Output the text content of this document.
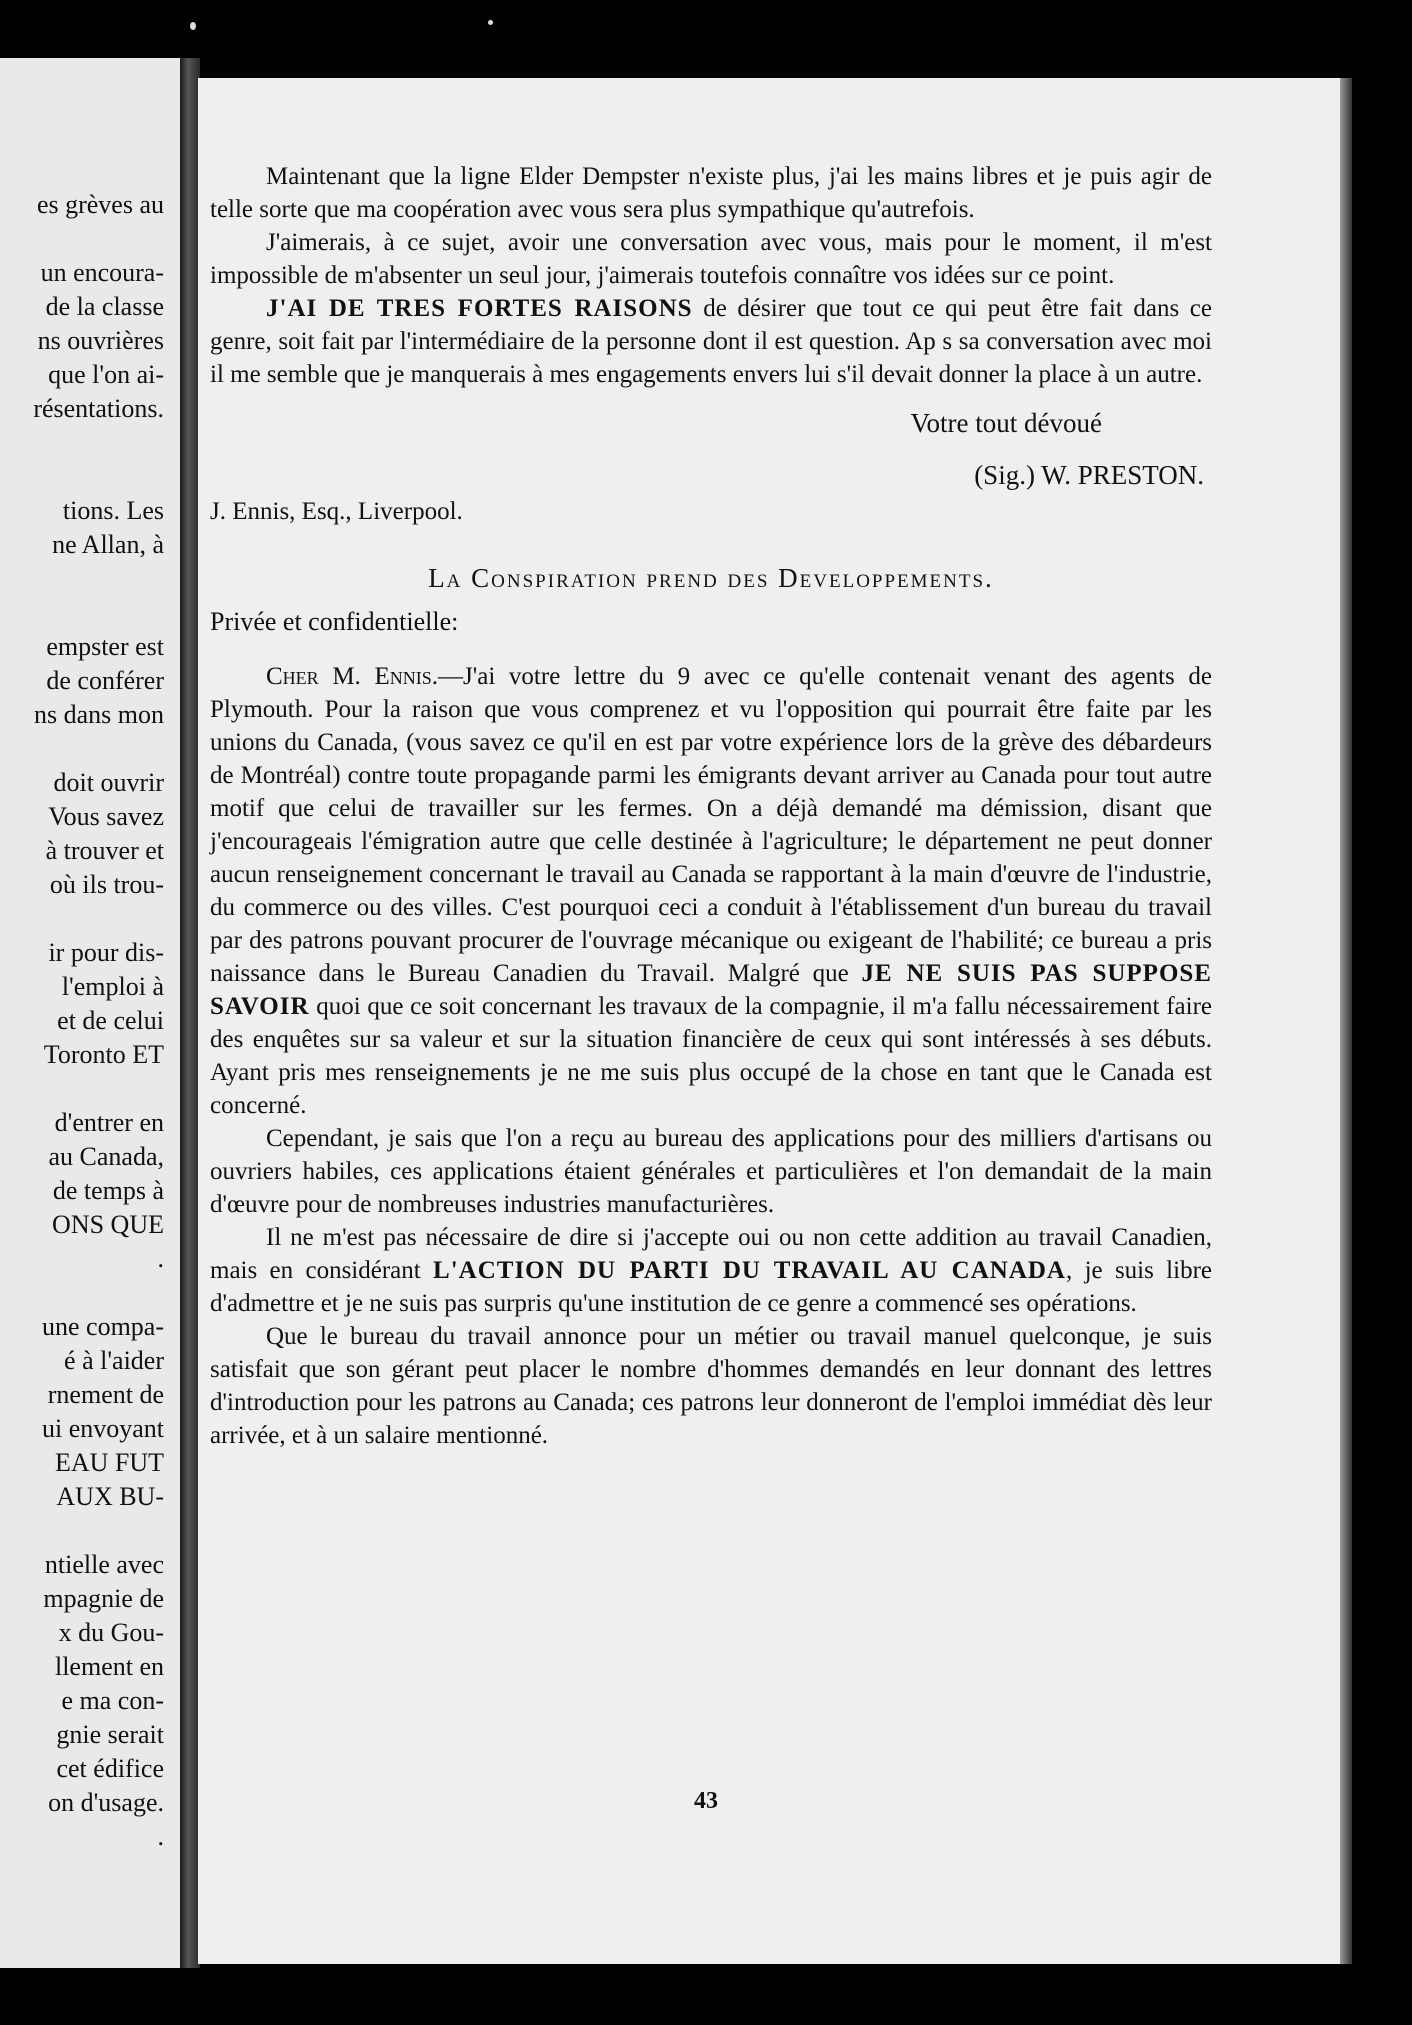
es grèves au
un encoura-
de la classe
ns ouvrières
que l'on ai-
résentations.
tions. Les
ne Allan, à
empster est
de conférer
ns dans mon
doit ouvrir
Vous savez
à trouver et
où ils trou-
ir pour dis-
l'emploi à
et de celui
Toronto ET
d'entrer en
au Canada,
de temps à
ONS QUE
.
une compa-
é à l'aider
rnement de
ui envoyant
EAU FUT
AUX BU-
ntielle avec
mpagnie de
x du Gou-
llement en
e ma con-
gnie serait
cet édifice
on d'usage.
.

Maintenant que la ligne Elder Dempster n'existe plus, j'ai les mains libres et je puis agir de telle sorte que ma coopération avec vous sera plus sympathique qu'autrefois.

J'aimerais, à ce sujet, avoir une conversation avec vous, mais pour le moment, il m'est impossible de m'absenter un seul jour, j'aimerais toutefois connaître vos idées sur ce point.

J'AI DE TRES FORTES RAISONS de désirer que tout ce qui peut être fait dans ce genre, soit fait par l'intermédiaire de la personne dont il est question. Ap s sa conversation avec moi il me semble que je manquerais à mes engagements envers lui s'il devait donner la place à un autre.

Votre tout dévoué

(Sig.) W. PRESTON.

J. Ennis, Esq., Liverpool.

La Conspiration prend des Developpements.

Privée et confidentielle:

Cher M. Ennis.—J'ai votre lettre du 9 avec ce qu'elle contenait venant des agents de Plymouth. Pour la raison que vous comprenez et vu l'opposition qui pourrait être faite par les unions du Canada, (vous savez ce qu'il en est par votre expérience lors de la grève des débardeurs de Montréal) contre toute propagande parmi les émigrants devant arriver au Canada pour tout autre motif que celui de travailler sur les fermes. On a déjà demandé ma démission, disant que j'encourageais l'émigration autre que celle destinée à l'agriculture; le département ne peut donner aucun renseignement concernant le travail au Canada se rapportant à la main d'œuvre de l'industrie, du commerce ou des villes. C'est pourquoi ceci a conduit à l'établissement d'un bureau du travail par des patrons pouvant procurer de l'ouvrage mécanique ou exigeant de l'habilité; ce bureau a pris naissance dans le Bureau Canadien du Travail. Malgré que JE NE SUIS PAS SUPPOSE SAVOIR quoi que ce soit concernant les travaux de la compagnie, il m'a fallu nécessairement faire des enquêtes sur sa valeur et sur la situation financière de ceux qui sont intéressés à ses débuts. Ayant pris mes renseignements je ne me suis plus occupé de la chose en tant que le Canada est concerné.

Cependant, je sais que l'on a reçu au bureau des applications pour des milliers d'artisans ou ouvriers habiles, ces applications étaient générales et particulières et l'on demandait de la main d'œuvre pour de nombreuses industries manufacturières.

Il ne m'est pas nécessaire de dire si j'accepte oui ou non cette addition au travail Canadien, mais en considérant L'ACTION DU PARTI DU TRAVAIL AU CANADA, je suis libre d'admettre et je ne suis pas surpris qu'une institution de ce genre a commencé ses opérations.

Que le bureau du travail annonce pour un métier ou travail manuel quelconque, je suis satisfait que son gérant peut placer le nombre d'hommes demandés en leur donnant des lettres d'introduction pour les patrons au Canada; ces patrons leur donneront de l'emploi immédiat dès leur arrivée, et à un salaire mentionné.

43
